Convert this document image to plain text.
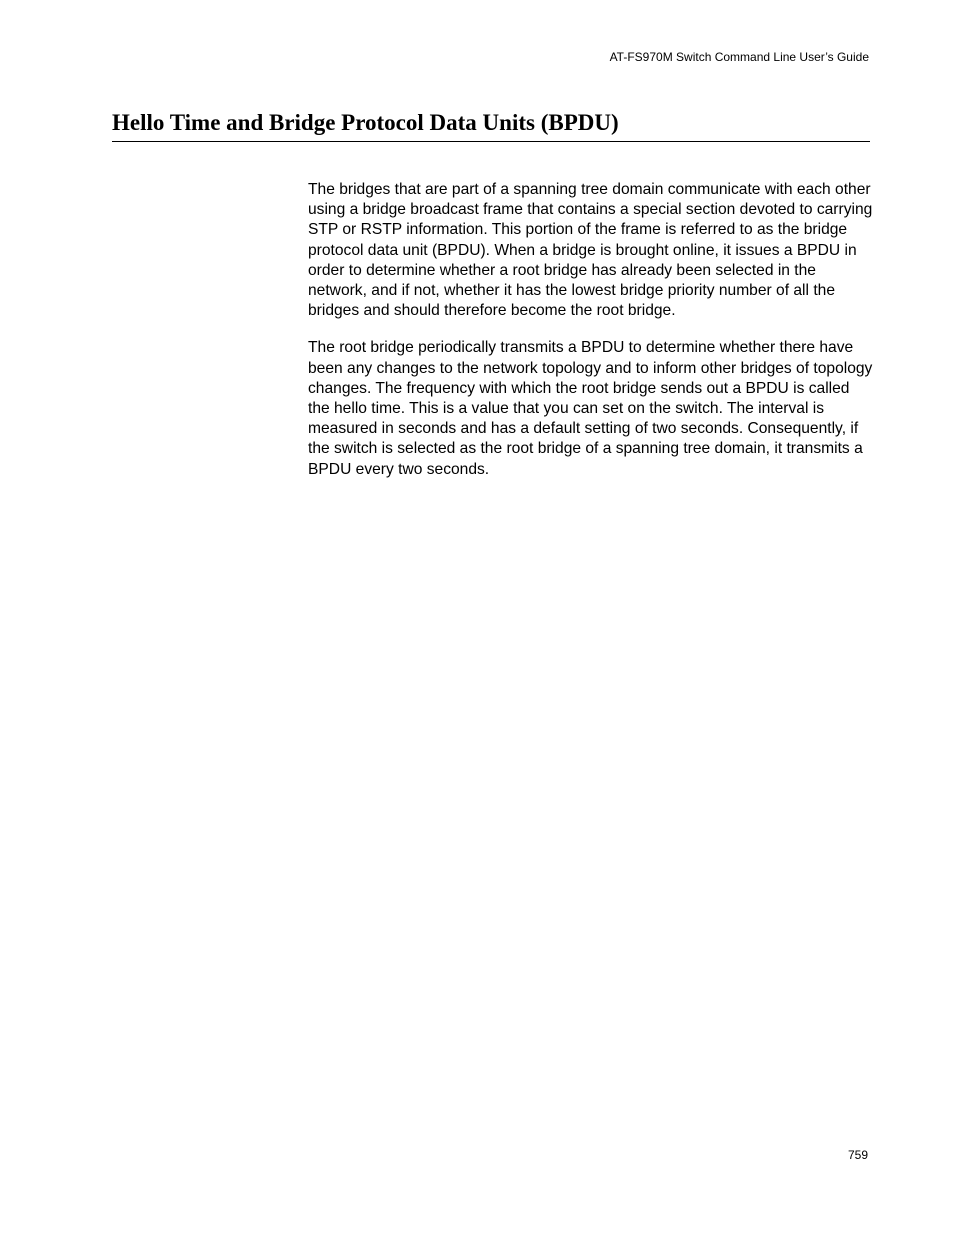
AT-FS970M Switch Command Line User’s Guide
Hello Time and Bridge Protocol Data Units (BPDU)

The bridges that are part of a spanning tree domain communicate with each other using a bridge broadcast frame that contains a special section devoted to carrying STP or RSTP information. This portion of the frame is referred to as the bridge protocol data unit (BPDU). When a bridge is brought online, it issues a BPDU in order to determine whether a root bridge has already been selected in the network, and if not, whether it has the lowest bridge priority number of all the bridges and should therefore become the root bridge.

The root bridge periodically transmits a BPDU to determine whether there have been any changes to the network topology and to inform other bridges of topology changes. The frequency with which the root bridge sends out a BPDU is called the hello time. This is a value that you can set on the switch. The interval is measured in seconds and has a default setting of two seconds. Consequently, if the switch is selected as the root bridge of a spanning tree domain, it transmits a BPDU every two seconds.

759
